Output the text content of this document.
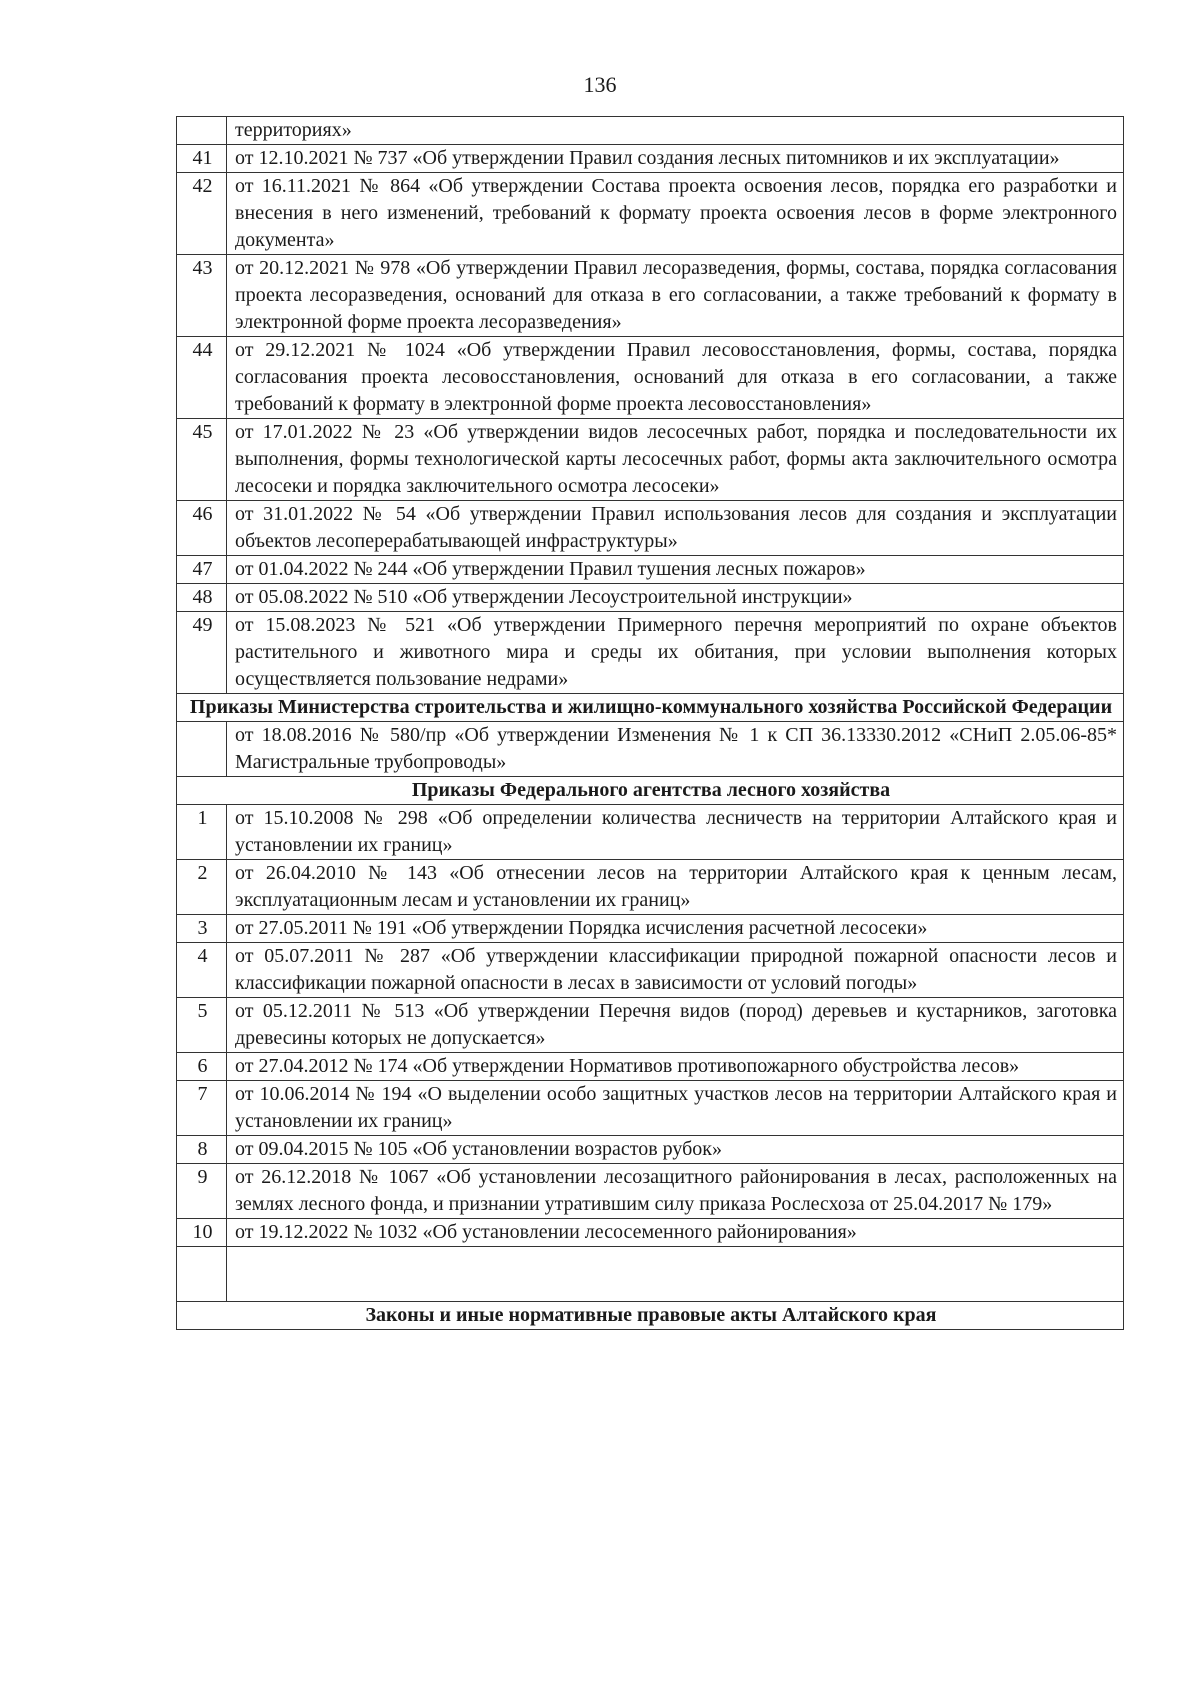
136
	территориях»
41	от 12.10.2021 № 737 «Об утверждении Правил создания лесных питомников и их эксплуатации»
42	от 16.11.2021 № 864 «Об утверждении Состава проекта освоения лесов, порядка его разработки и внесения в него изменений, требований к формату проекта освоения лесов в форме электронного документа»
43	от 20.12.2021 № 978 «Об утверждении Правил лесоразведения, формы, состава, порядка согласования проекта лесоразведения, оснований для отказа в его согласовании, а также требований к формату в электронной форме проекта лесоразведения»
44	от 29.12.2021 № 1024 «Об утверждении Правил лесовосстановления, формы, состава, порядка согласования проекта лесовосстановления, оснований для отказа в его согласовании, а также требований к формату в электронной форме проекта лесовосстановления»
45	от 17.01.2022 № 23 «Об утверждении видов лесосечных работ, порядка и последовательности их выполнения, формы технологической карты лесосечных работ, формы акта заключительного осмотра лесосеки и порядка заключительного осмотра лесосеки»
46	от 31.01.2022 № 54 «Об утверждении Правил использования лесов для создания и эксплуатации объектов лесоперерабатывающей инфраструктуры»
47	от 01.04.2022 № 244 «Об утверждении Правил тушения лесных пожаров»
48	от 05.08.2022 № 510 «Об утверждении Лесоустроительной инструкции»
49	от 15.08.2023 № 521 «Об утверждении Примерного перечня мероприятий по охране объектов растительного и животного мира и среды их обитания, при условии выполнения которых осуществляется пользование недрами»
Приказы Министерства строительства и жилищно-коммунального хозяйства Российской Федерации	
	от 18.08.2016 № 580/пр «Об утверждении Изменения № 1 к СП 36.13330.2012 «СНиП 2.05.06-85* Магистральные трубопроводы»
Приказы Федерального агентства лесного хозяйства	
1	от 15.10.2008 № 298 «Об определении количества лесничеств на территории Алтайского края и установлении их границ»
2	от 26.04.2010 № 143 «Об отнесении лесов на территории Алтайского края к ценным лесам, эксплуатационным лесам и установлении их границ»
3	от 27.05.2011 № 191 «Об утверждении Порядка исчисления расчетной лесосеки»
4	от 05.07.2011 № 287 «Об утверждении классификации природной пожарной опасности лесов и классификации пожарной опасности в лесах в зависимости от условий погоды»
5	от 05.12.2011 № 513 «Об утверждении Перечня видов (пород) деревьев и кустарников, заготовка древесины которых не допускается»
6	от 27.04.2012 № 174 «Об утверждении Нормативов противопожарного обустройства лесов»
7	от 10.06.2014 № 194 «О выделении особо защитных участков лесов на территории Алтайского края и установлении их границ»
8	от 09.04.2015 № 105 «Об установлении возрастов рубок»
9	от 26.12.2018 № 1067 «Об установлении лесозащитного районирования в лесах, расположенных на землях лесного фонда, и признании утратившим силу приказа Рослесхоза от 25.04.2017 № 179»
10	от 19.12.2022 № 1032 «Об установлении лесосеменного районирования»

Законы и иные нормативные правовые акты Алтайского края	
